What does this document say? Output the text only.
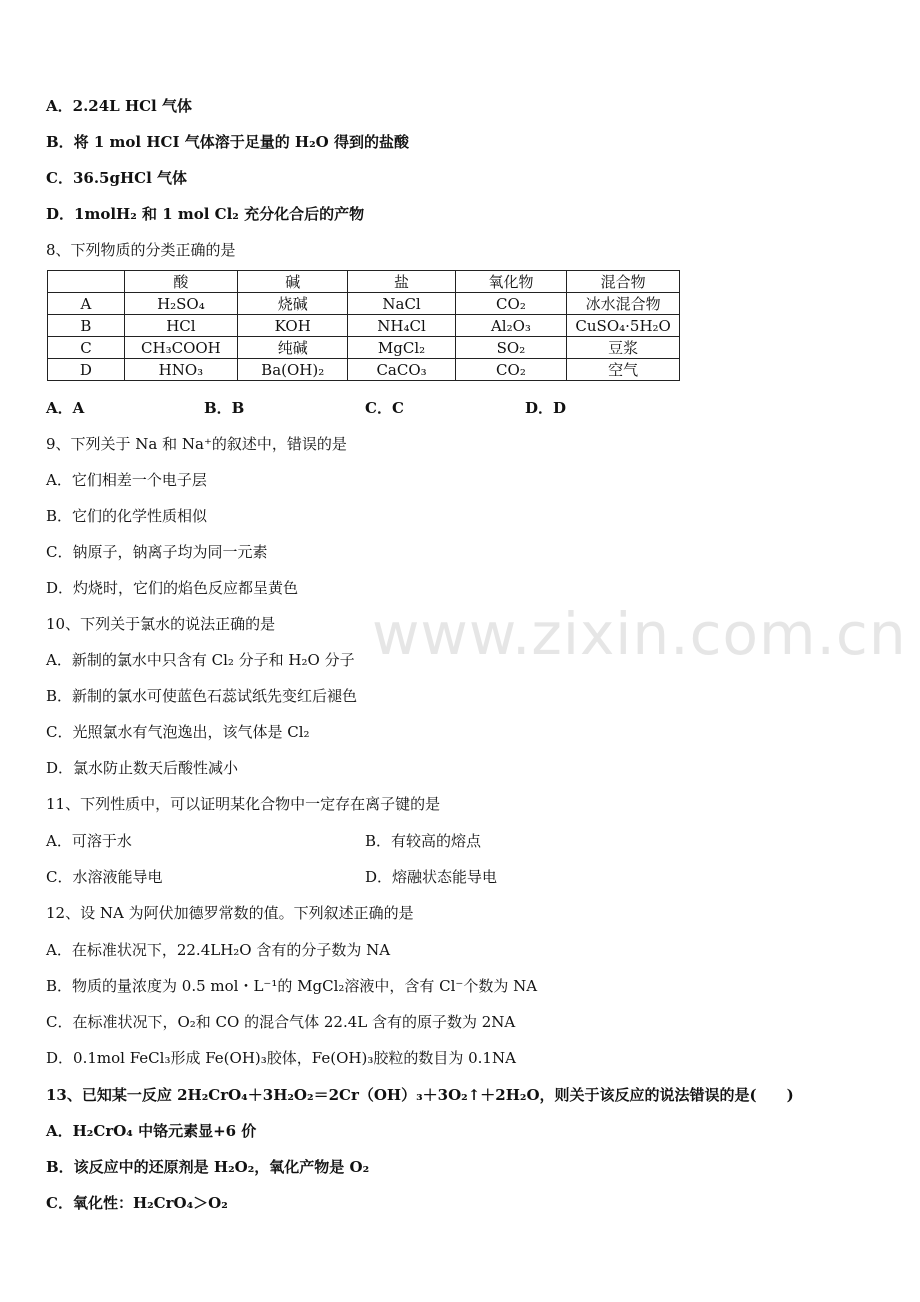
www.zixin.com.cn
A．2.24L HCl 气体
B．将 1 mol HCI 气体溶于足量的 H₂O 得到的盐酸
C．36.5gHCl 气体
D．1molH₂ 和 1 mol Cl₂ 充分化合后的产物
8、下列物质的分类正确的是
	酸	碱	盐	氧化物	混合物
A	H₂SO₄	烧碱	NaCl	CO₂	冰水混合物
B	HCl	KOH	NH₄Cl	Al₂O₃	CuSO₄·5H₂O
C	CH₃COOH	纯碱	MgCl₂	SO₂	豆浆
D	HNO₃	Ba(OH)₂	CaCO₃	CO₂	空气
A．A	B．B	C．C	D．D
9、下列关于 Na 和 Na⁺的叙述中，错误的是
A．它们相差一个电子层
B．它们的化学性质相似
C．钠原子，钠离子均为同一元素
D．灼烧时，它们的焰色反应都呈黄色
10、下列关于氯水的说法正确的是
A．新制的氯水中只含有 Cl₂ 分子和 H₂O 分子
B．新制的氯水可使蓝色石蕊试纸先变红后褪色
C．光照氯水有气泡逸出，该气体是 Cl₂
D．氯水防止数天后酸性减小
11、下列性质中，可以证明某化合物中一定存在离子键的是
A．可溶于水	B．有较高的熔点
C．水溶液能导电	D．熔融状态能导电
12、设 NA 为阿伏加德罗常数的值。下列叙述正确的是
A．在标准状况下，22.4LH₂O 含有的分子数为 NA
B．物质的量浓度为 0.5 mol・L⁻¹的 MgCl₂溶液中，含有 Cl⁻个数为 NA
C．在标准状况下，O₂和 CO 的混合气体 22.4L 含有的原子数为 2NA
D．0.1mol FeCl₃形成 Fe(OH)₃胶体，Fe(OH)₃胶粒的数目为 0.1NA
13、已知某一反应 2H₂CrO₄＋3H₂O₂＝2Cr（OH）₃＋3O₂↑＋2H₂O，则关于该反应的说法错误的是(　　)
A．H₂CrO₄ 中铬元素显+6 价
B．该反应中的还原剂是 H₂O₂，氧化产物是 O₂
C．氧化性：H₂CrO₄＞O₂
